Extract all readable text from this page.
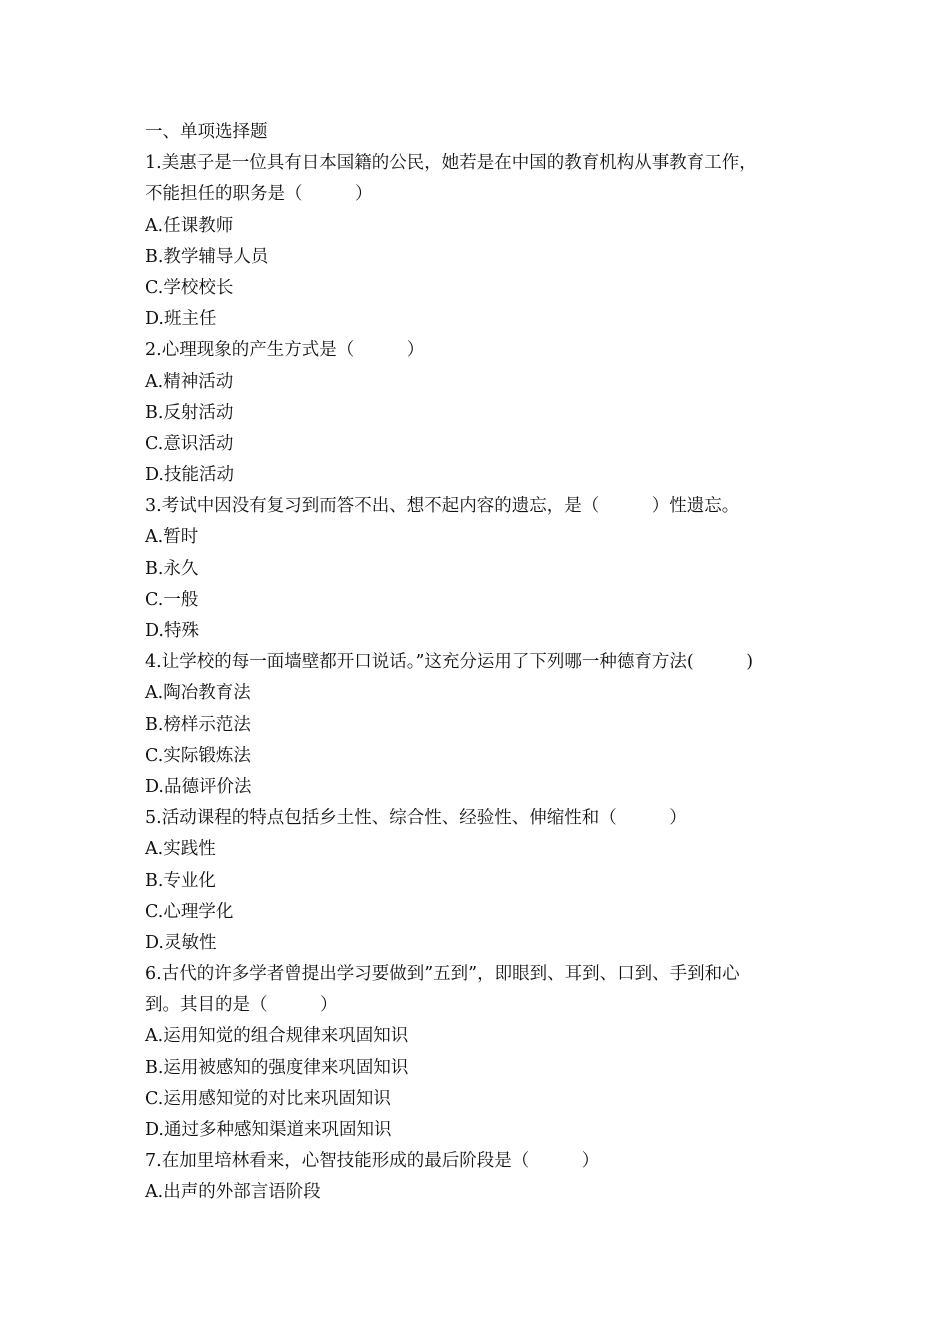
一、单项选择题
1.美惠子是一位具有日本国籍的公民，她若是在中国的教育机构从事教育工作，
不能担任的职务是（　　　）
A.任课教师
B.教学辅导人员
C.学校校长
D.班主任
2.心理现象的产生方式是（　　　）
A.精神活动
B.反射活动
C.意识活动
D.技能活动
3.考试中因没有复习到而答不出、想不起内容的遗忘，是（　　　）性遗忘。
A.暂时
B.永久
C.一般
D.特殊
4.让学校的每一面墙壁都开口说话。”这充分运用了下列哪一种德育方法(　　　)
A.陶冶教育法
B.榜样示范法
C.实际锻炼法
D.品德评价法
5.活动课程的特点包括乡土性、综合性、经验性、伸缩性和（　　　）
A.实践性
B.专业化
C.心理学化
D.灵敏性
6.古代的许多学者曾提出学习要做到”五到”，即眼到、耳到、口到、手到和心
到。其目的是（　　　）
A.运用知觉的组合规律来巩固知识
B.运用被感知的强度律来巩固知识
C.运用感知觉的对比来巩固知识
D.通过多种感知渠道来巩固知识
7.在加里培林看来，心智技能形成的最后阶段是（　　　）
A.出声的外部言语阶段
